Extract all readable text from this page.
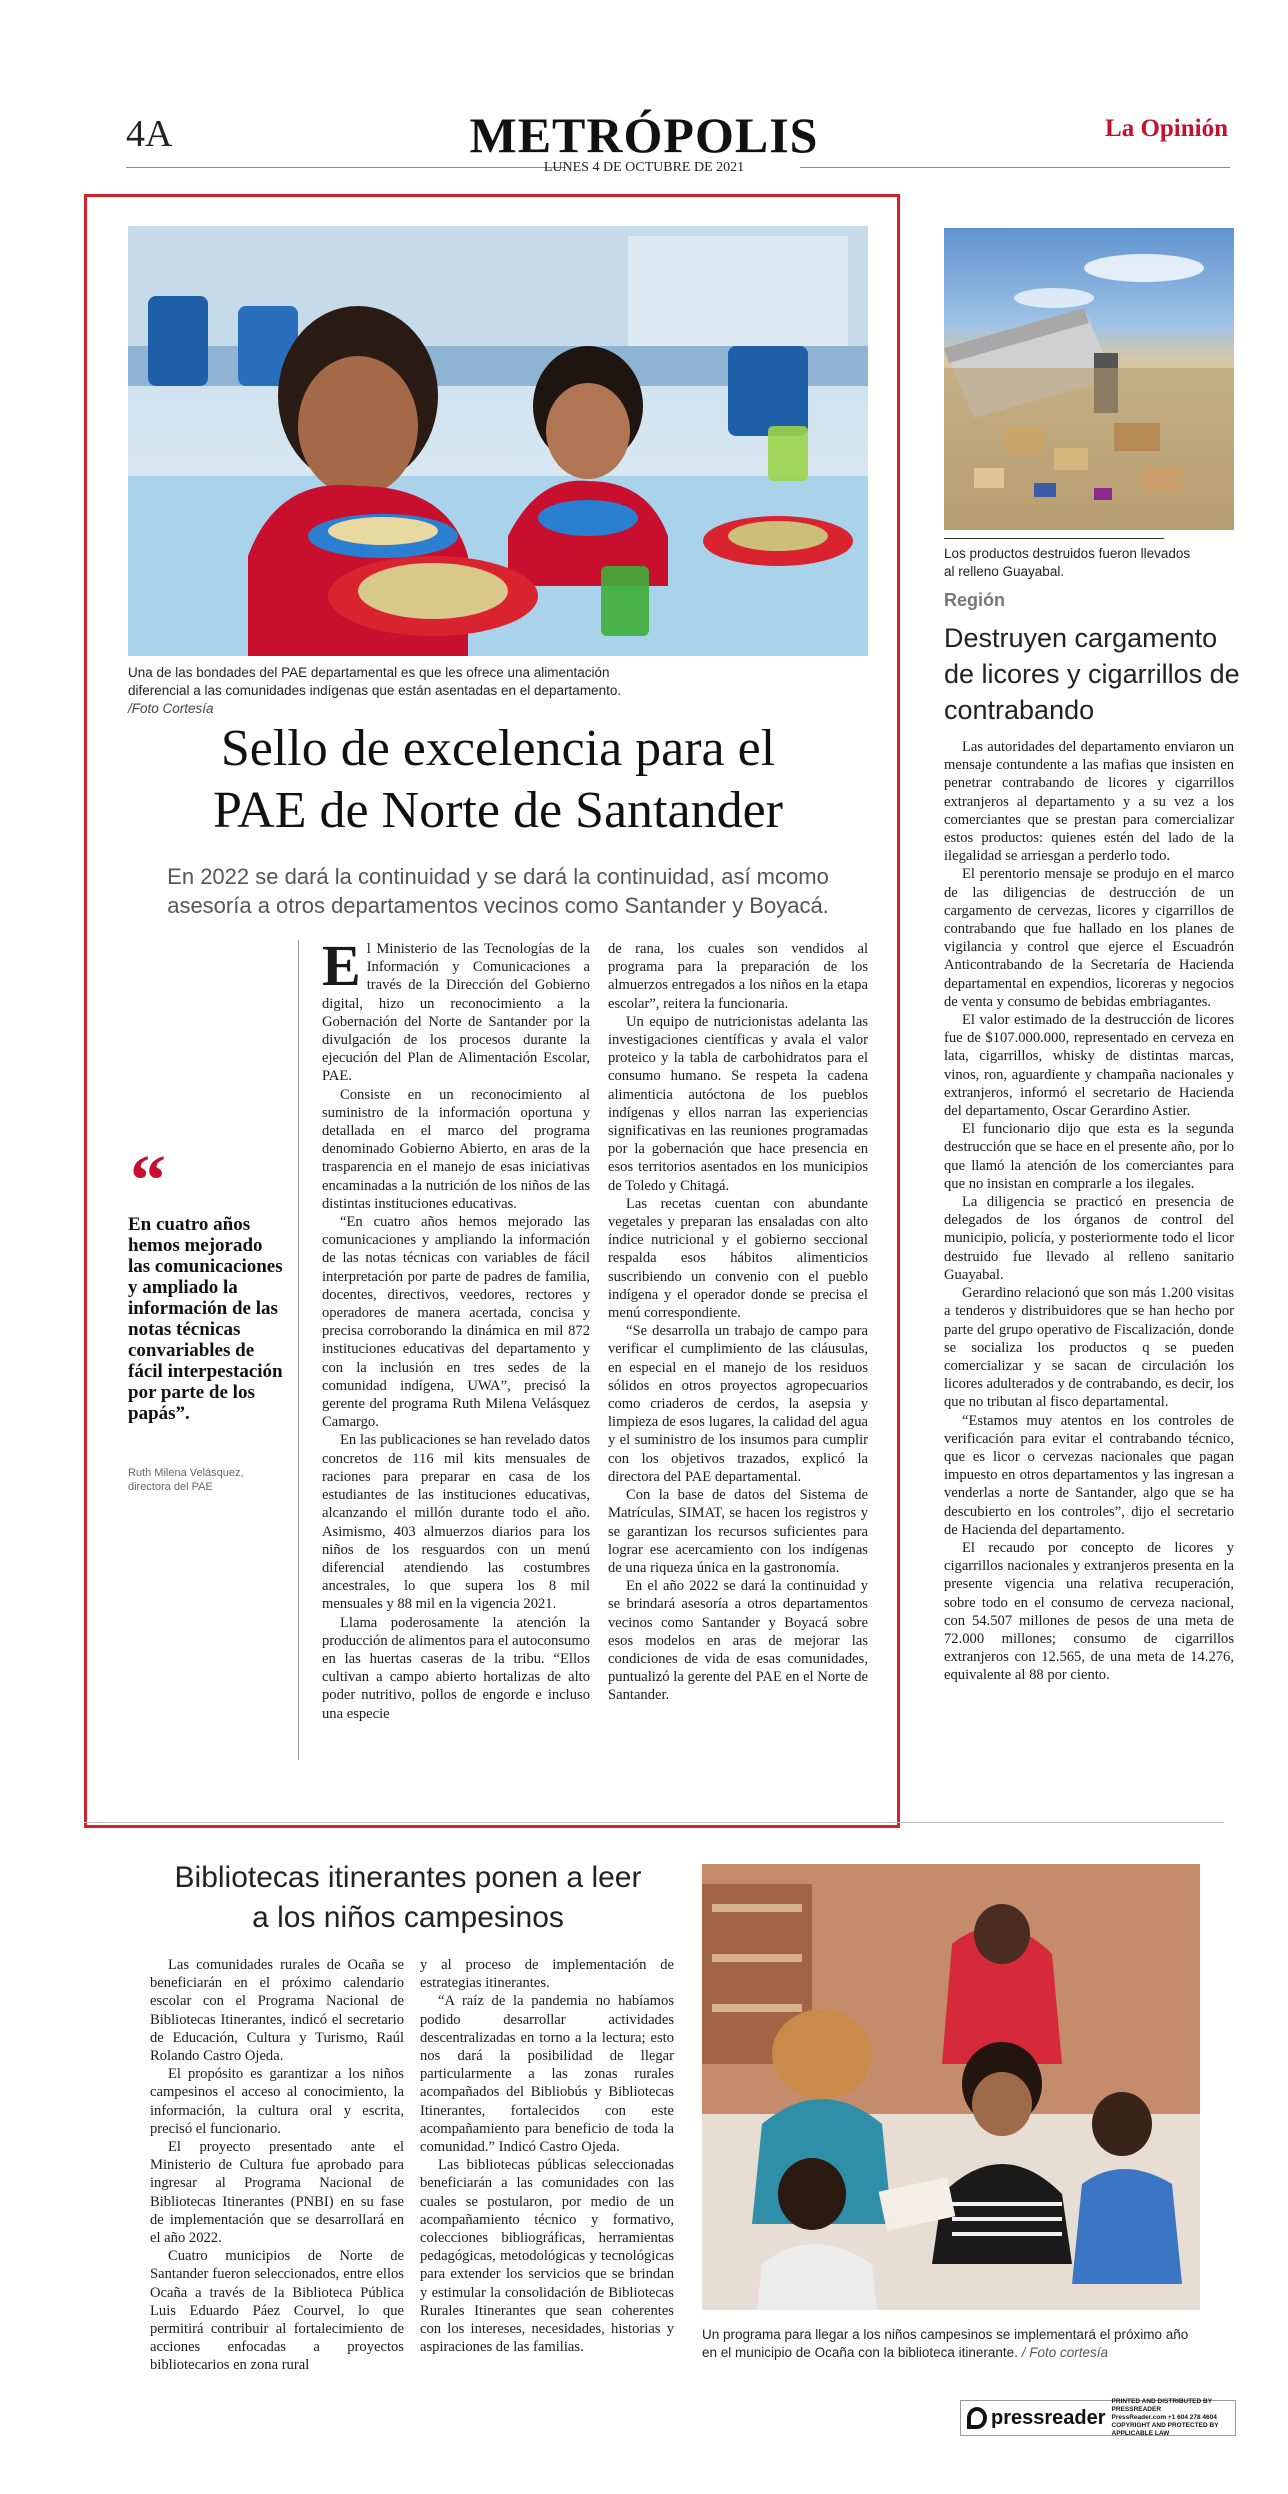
4A	METRÓPOLIS	La Opinión
LUNES 4 DE OCTUBRE DE 2021
Una de las bondades del PAE departamental es que les ofrece una alimentación diferencial a las comunidades indígenas que están asentadas en el departamento. /Foto Cortesía
Sello de excelencia para el
PAE de Norte de Santander
En 2022 se dará la continuidad y se dará la continuidad, así mcomo asesoría a otros departamentos vecinos como Santander y Boyacá.
“
En cuatro años hemos mejorado las comunicaciones y ampliado la información de las notas técnicas convariables de fácil interpestación por parte de los papás”.
Ruth Milena Velásquez, directora del PAE

El Ministerio de las Tecnologías de la Información y Comunicaciones a través de la Dirección del Gobierno digital, hizo un reconocimiento a la Gobernación del Norte de Santander por la divulgación de los procesos durante la ejecución del Plan de Alimentación Escolar, PAE.

Consiste en un reconocimiento al suministro de la información oportuna y detallada en el marco del programa denominado Gobierno Abierto, en aras de la trasparencia en el manejo de esas iniciativas encaminadas a la nutrición de los niños de las distintas instituciones educativas.

“En cuatro años hemos mejorado las comunicaciones y ampliando la información de las notas técnicas con variables de fácil interpretación por parte de padres de familia, docentes, directivos, veedores, rectores y operadores de manera acertada, concisa y precisa corroborando la dinámica en mil 872 instituciones educativas del departamento y con la inclusión en tres sedes de la comunidad indígena, UWA”, precisó la gerente del programa Ruth Milena Velásquez Camargo.

En las publicaciones se han revelado datos concretos de 116 mil kits mensuales de raciones para preparar en casa de los estudiantes de las instituciones educativas, alcanzando el millón durante todo el año. Asimismo, 403 almuerzos diarios para los niños de los resguardos con un menú diferencial atendiendo las costumbres ancestrales, lo que supera los 8 mil mensuales y 88 mil en la vigencia 2021.

Llama poderosamente la atención la producción de alimentos para el autoconsumo en las huertas caseras de la tribu. “Ellos cultivan a campo abierto hortalizas de alto poder nutritivo, pollos de engorde e incluso una especie

de rana, los cuales son vendidos al programa para la preparación de los almuerzos entregados a los niños en la etapa escolar”, reitera la funcionaria.

Un equipo de nutricionistas adelanta las investigaciones científicas y avala el valor proteico y la tabla de carbohidratos para el consumo humano. Se respeta la cadena alimenticia autóctona de los pueblos indígenas y ellos narran las experiencias significativas en las reuniones programadas por la gobernación que hace presencia en esos territorios asentados en los municipios de Toledo y Chitagá.

Las recetas cuentan con abundante vegetales y preparan las ensaladas con alto índice nutricional y el gobierno seccional respalda esos hábitos alimenticios suscribiendo un convenio con el pueblo indígena y el operador donde se precisa el menú correspondiente.

“Se desarrolla un trabajo de campo para verificar el cumplimiento de las cláusulas, en especial en el manejo de los residuos sólidos en otros proyectos agropecuarios como criaderos de cerdos, la asepsia y limpieza de esos lugares, la calidad del agua y el suministro de los insumos para cumplir con los objetivos trazados, explicó la directora del PAE departamental.

Con la base de datos del Sistema de Matrículas, SIMAT, se hacen los registros y se garantizan los recursos suficientes para lograr ese acercamiento con los indígenas de una riqueza única en la gastronomía.

En el año 2022 se dará la continuidad y se brindará asesoría a otros departamentos vecinos como Santander y Boyacá sobre esos modelos en aras de mejorar las condiciones de vida de esas comunidades, puntualizó la gerente del PAE en el Norte de Santander.

Los productos destruidos fueron llevados al relleno Guayabal.
Región
Destruyen cargamento de licores y cigarrillos de contrabando

Las autoridades del departamento enviaron un mensaje contundente a las mafias que insisten en penetrar contrabando de licores y cigarrillos extranjeros al departamento y a su vez a los comerciantes que se prestan para comercializar estos productos: quienes estén del lado de la ilegalidad se arriesgan a perderlo todo.

El perentorio mensaje se produjo en el marco de las diligencias de destrucción de un cargamento de cervezas, licores y cigarrillos de contrabando que fue hallado en los planes de vigilancia y control que ejerce el Escuadrón Anticontrabando de la Secretaría de Hacienda departamental en expendios, licoreras y negocios de venta y consumo de bebidas embriagantes.

El valor estimado de la destrucción de licores fue de $107.000.000, representado en cerveza en lata, cigarrillos, whisky de distintas marcas, vinos, ron, aguardiente y champaña nacionales y extranjeros, informó el secretario de Hacienda del departamento, Oscar Gerardino Astier.

El funcionario dijo que esta es la segunda destrucción que se hace en el presente año, por lo que llamó la atención de los comerciantes para que no insistan en comprarle a los ilegales.

La diligencia se practicó en presencia de delegados de los órganos de control del municipio, policía, y posteriormente todo el licor destruido fue llevado al relleno sanitario Guayabal.

Gerardino relacionó que son más 1.200 visitas a tenderos y distribuidores que se han hecho por parte del grupo operativo de Fiscalización, donde se socializa los productos q se pueden comercializar y se sacan de circulación los licores adulterados y de contrabando, es decir, los que no tributan al fisco departamental.

“Estamos muy atentos en los controles de verificación para evitar el contrabando técnico, que es licor o cervezas nacionales que pagan impuesto en otros departamentos y las ingresan a venderlas a norte de Santander, algo que se ha descubierto en los controles”, dijo el secretario de Hacienda del departamento.

El recaudo por concepto de licores y cigarrillos nacionales y extranjeros presenta en la presente vigencia una relativa recuperación, sobre todo en el consumo de cerveza nacional, con 54.507 millones de pesos de una meta de 72.000 millones; consumo de cigarrillos extranjeros con 12.565, de una meta de 14.276, equivalente al 88 por ciento.

Bibliotecas itinerantes ponen a leer
a los niños campesinos

Las comunidades rurales de Ocaña se beneficiarán en el próximo calendario escolar con el Programa Nacional de Bibliotecas Itinerantes, indicó el secretario de Educación, Cultura y Turismo, Raúl Rolando Castro Ojeda.

El propósito es garantizar a los niños campesinos el acceso al conocimiento, la información, la cultura oral y escrita, precisó el funcionario.

El proyecto presentado ante el Ministerio de Cultura fue aprobado para ingresar al Programa Nacional de Bibliotecas Itinerantes (PNBI) en su fase de implementación que se desarrollará en el año 2022.

Cuatro municipios de Norte de Santander fueron seleccionados, entre ellos Ocaña a través de la Biblioteca Pública Luis Eduardo Páez Courvel, lo que permitirá contribuir al fortalecimiento de acciones enfocadas a proyectos bibliotecarios en zona rural

y al proceso de implementación de estrategias itinerantes.

“A raíz de la pandemia no habíamos podido desarrollar actividades descentralizadas en torno a la lectura; esto nos dará la posibilidad de llegar particularmente a las zonas rurales acompañados del Bibliobús y Bibliotecas Itinerantes, fortalecidos con este acompañamiento para beneficio de toda la comunidad.” Indicó Castro Ojeda.

Las bibliotecas públicas seleccionadas beneficiarán a las comunidades con las cuales se postularon, por medio de un acompañamiento técnico y formativo, colecciones bibliográficas, herramientas pedagógicas, metodológicas y tecnológicas para extender los servicios que se brindan y estimular la consolidación de Bibliotecas Rurales Itinerantes que sean coherentes con los intereses, necesidades, historias y aspiraciones de las familias.

Un programa para llegar a los niños campesinos se implementará el próximo año en el municipio de Ocaña con la biblioteca itinerante. / Foto cortesía
pressreader
PRINTED AND DISTRIBUTED BY PRESSREADER
PressReader.com +1 604 278 4604
COPYRIGHT AND PROTECTED BY APPLICABLE LAW
